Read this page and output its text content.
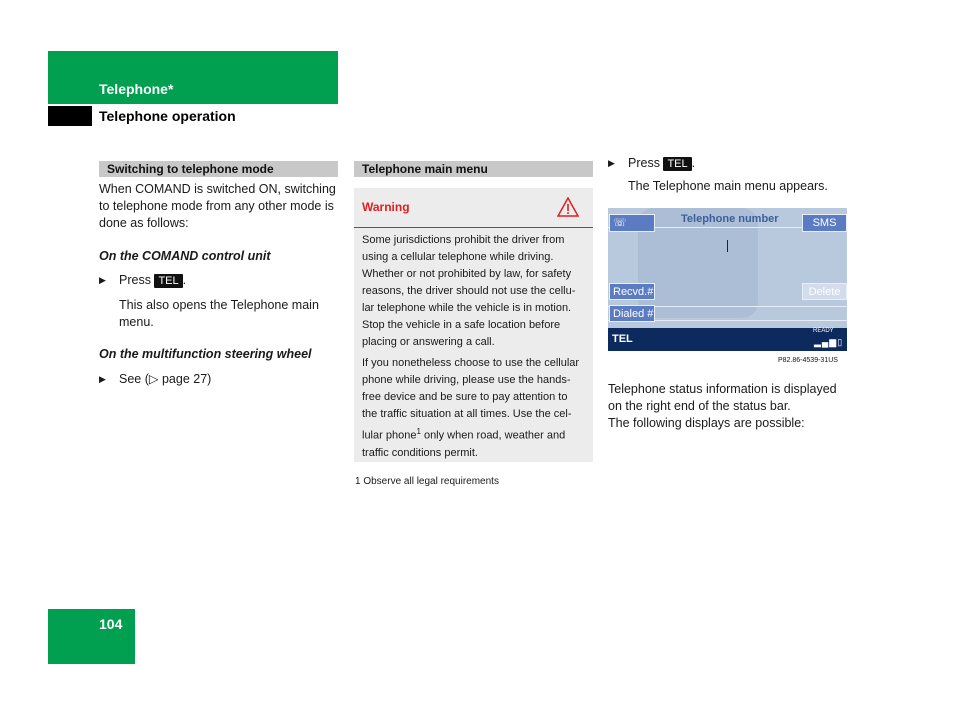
Telephone*
Telephone operation
Switching to telephone mode
When COMAND is switched ON, switching
to telephone mode from any other mode is
done as follows:
On the COMAND control unit
▶ Press TEL .
This also opens the Telephone main
menu.
On the multifunction steering wheel
▶ See (▷ page 27)
Telephone main menu
Warning
Some jurisdictions prohibit the driver from
using a cellular telephone while driving.
Whether or not prohibited by law, for safety
reasons, the driver should not use the cellu-
lar telephone while the vehicle is in motion.
Stop the vehicle in a safe location before
placing or answering a call.
If you nonetheless choose to use the cellular
phone while driving, please use the hands-
free device and be sure to pay attention to
the traffic situation at all times. Use the cel-
lular phone$^1$ only when road, weather and
traffic conditions permit.
1 Observe all legal requirements
▶ Press TEL .
The Telephone main menu appears.
☏	Telephone number	SMS
Recvd.#	Delete
Dialed #
TEL
READY
▂▄▆▯
P82.86-4539-31US
Telephone status information is displayed
on the right end of the status bar.
The following displays are possible:
104
